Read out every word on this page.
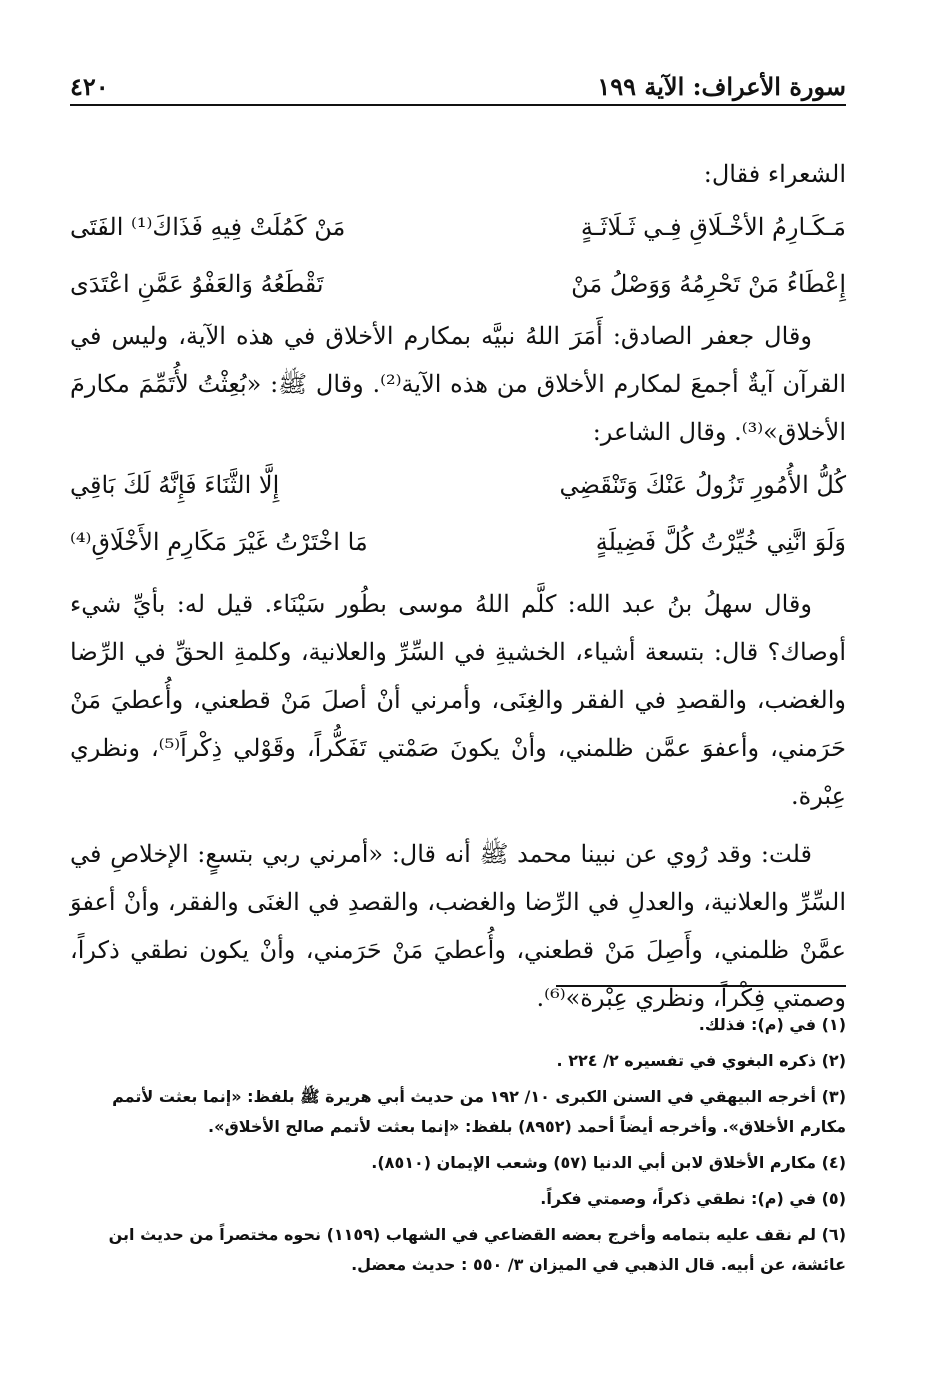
سورة الأعراف: الآية ١٩٩
٤٢٠

الشعراء فقال:

مَـكَـارِمُ الأخْـلَاقِ فِـي ثَـلَاثَـةٍ
مَنْ كَمُلَتْ فِيهِ فَذَاكَ⁽¹⁾ الفَتَى
إِعْطَاءُ مَنْ تَحْرِمُهُ وَوَصْلُ مَنْ
تَقْطَعُهُ وَالعَفْوُ عَمَّنِ اعْتَدَى

وقال جعفر الصادق: أَمَرَ اللهُ نبيَّه بمكارم الأخلاق في هذه الآية، وليس في القرآن آيةٌ أجمعَ لمكارم الأخلاق من هذه الآية⁽²⁾. وقال ﷺ: «بُعِثْتُ لأُتَمِّمَ مكارمَ الأخلاق»⁽³⁾. وقال الشاعر:

كُلُّ الأُمُورِ تَزُولُ عَنْكَ وَتَنْقَضِي
إِلَّا الثَّنَاءَ فَإِنَّهُ لَكَ بَاقِي
وَلَوَ انَّنِي خُيِّرْتُ كُلَّ فَضِيلَةٍ
مَا اخْتَرْتُ غَيْرَ مَكَارِمِ الأَخْلَاقِ⁽⁴⁾

وقال سهلُ بنُ عبد الله: كلَّم اللهُ موسى بطُور سَيْنَاء. قيل له: بأيِّ شيء أوصاك؟ قال: بتسعة أشياء، الخشيةِ في السِّرِّ والعلانية، وكلمةِ الحقِّ في الرِّضا والغضب، والقصدِ في الفقر والغِنَى، وأمرني أنْ أصلَ مَنْ قطعني، وأُعطيَ مَنْ حَرَمني، وأعفوَ عمَّن ظلمني، وأنْ يكونَ صَمْتي تَفَكُّراً، وقَوْلي ذِكْراً⁽⁵⁾، ونظري عِبْرة.

قلت: وقد رُوي عن نبينا محمد ﷺ أنه قال: «أمرني ربي بتسعٍ: الإخلاصِ في السِّرِّ والعلانية، والعدلِ في الرِّضا والغضب، والقصدِ في الغنَى والفقر، وأنْ أعفوَ عمَّنْ ظلمني، وأَصِلَ مَنْ قطعني، وأُعطيَ مَنْ حَرَمني، وأنْ يكون نطقي ذكراً، وصمتي فِكْراً، ونظري عِبْرة»⁽⁶⁾.

(١) في (م): فذلك.

(٢) ذكره البغوي في تفسيره ٢/ ٢٢٤ .

(٣) أخرجه البيهقي في السنن الكبرى ١٠/ ١٩٢ من حديث أبي هريرة ﷺ بلفظ: «إنما بعثت لأتمم مكارم الأخلاق». وأخرجه أيضاً أحمد (٨٩٥٢) بلفظ: «إنما بعثت لأتمم صالح الأخلاق».

(٤) مكارم الأخلاق لابن أبي الدنيا (٥٧) وشعب الإيمان (٨٥١٠).

(٥) في (م): نطقي ذكراً، وصمتي فكراً.

(٦) لم نقف عليه بتمامه وأخرج بعضه القضاعي في الشهاب (١١٥٩) نحوه مختصراً من حديث ابن عائشة، عن أبيه. قال الذهبي في الميزان ٣/ ٥٥٠ : حديث معضل.
